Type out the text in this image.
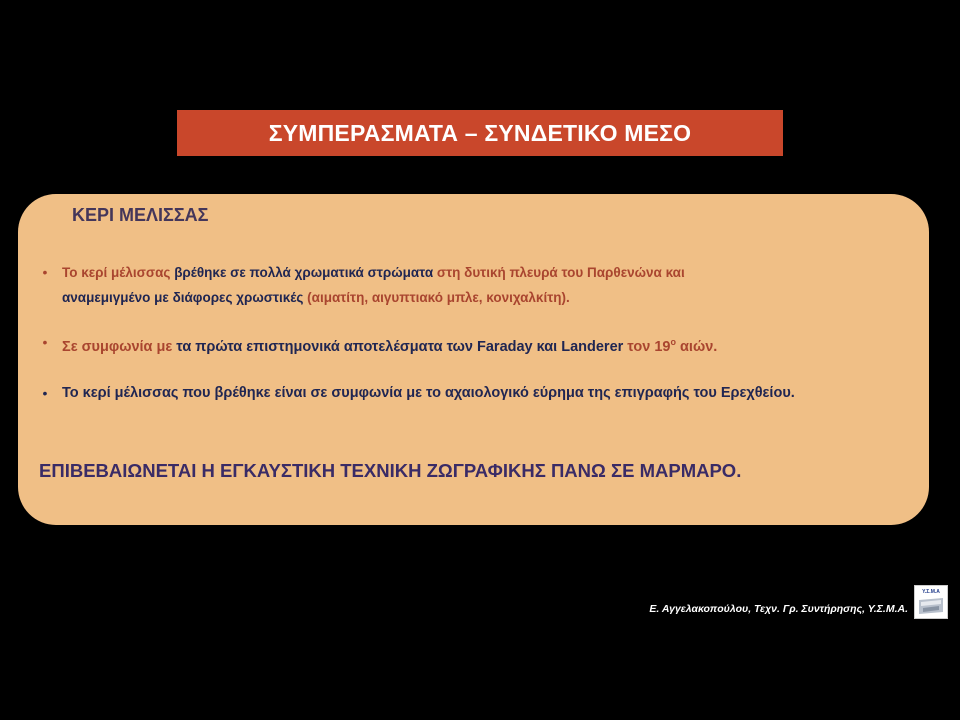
ΣΥΜΠΕΡΑΣΜΑΤΑ – ΣΥΝΔΕΤΙΚΟ ΜΕΣΟ
ΚΕΡΙ ΜΕΛΙΣΣΑΣ
• Το κερί μέλισσας βρέθηκε σε πολλά χρωματικά στρώματα στη δυτική πλευρά του Παρθενώνα και
αναμεμιγμένο με διάφορες χρωστικές (αιματίτη, αιγυπτιακό μπλε, κονιχαλκίτη).
• Σε συμφωνία με τα πρώτα επιστημονικά αποτελέσματα των Faraday και Landerer τον $19^o$ αιών.
• Το κερί μέλισσας που βρέθηκε είναι σε συμφωνία με το αχαιολογικό εύρημα της επιγραφής του Ερεχθείου.
ΕΠΙΒΕΒΑΙΩΝΕΤΑΙ Η ΕΓΚΑΥΣΤΙΚΗ ΤΕΧΝΙΚΗ ΖΩΓΡΑΦΙΚΗΣ ΠΑΝΩ ΣΕ ΜΑΡΜΑΡΟ.
Ε. Αγγελακοπούλου, Τεχν. Γρ. Συντήρησης, Υ.Σ.Μ.Α.
Υ.Σ.Μ.Α
